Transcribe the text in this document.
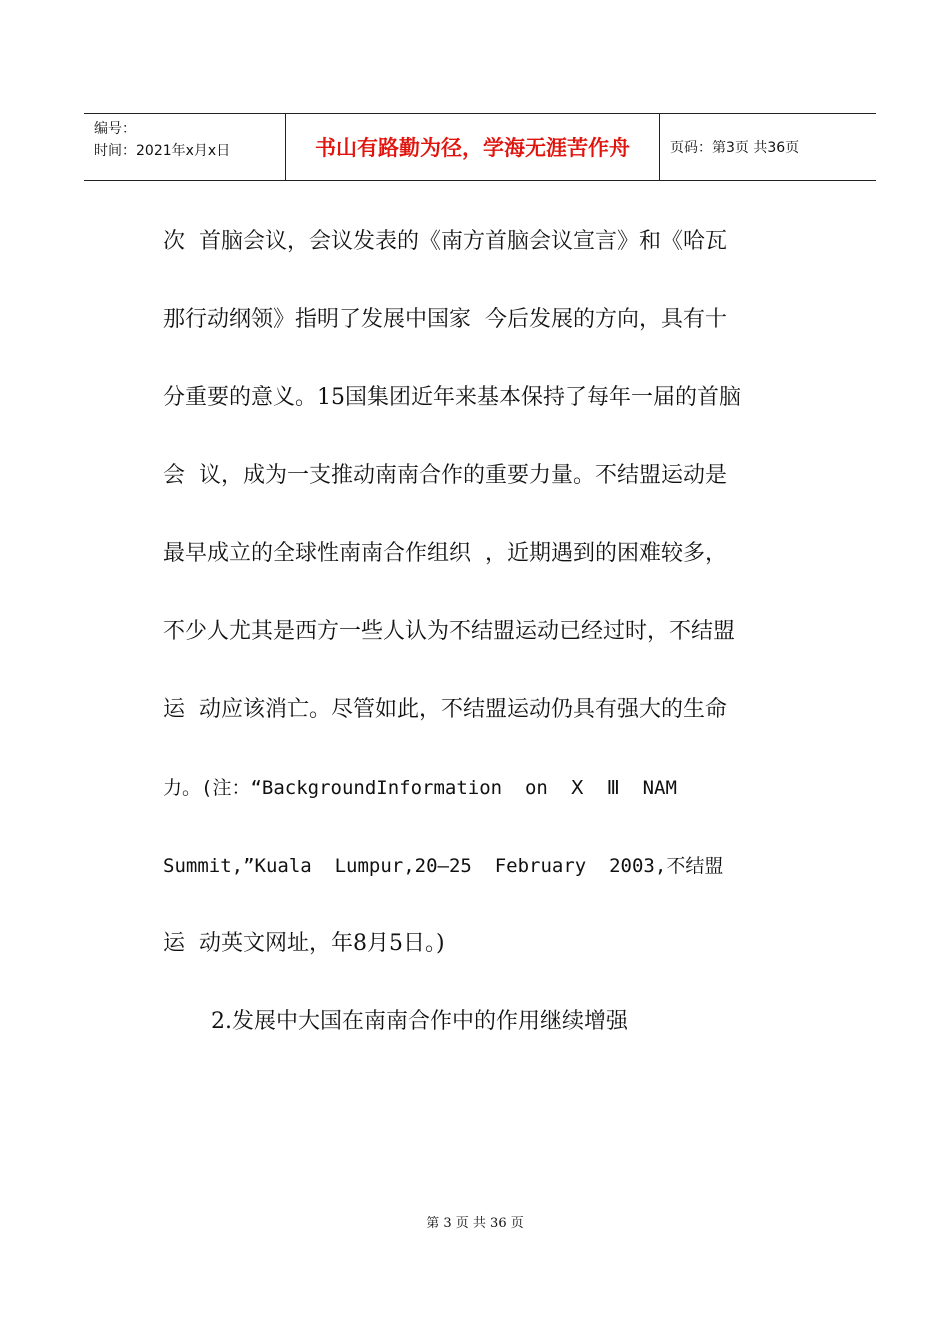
编号：
时间：2021年x月x日	书山有路勤为径，学海无涯苦作舟	页码：第3页 共36页
次  首脑会议，会议发表的《南方首脑会议宣言》和《哈瓦
那行动纲领》指明了发展中国家  今后发展的方向，具有十
分重要的意义。15国集团近年来基本保持了每年一届的首脑
会  议，成为一支推动南南合作的重要力量。不结盟运动是
最早成立的全球性南南合作组织  ，近期遇到的困难较多，
不少人尤其是西方一些人认为不结盟运动已经过时，不结盟
运  动应该消亡。尽管如此，不结盟运动仍具有强大的生命
力。(注：“BackgroundInformation  on  Ⅹ  Ⅲ  NAM
Summit,”Kuala  Lumpur,20—25  February  2003,不结盟
运  动英文网址，年8月5日。)
2.发展中大国在南南合作中的作用继续增强
第 3 页 共 36 页
